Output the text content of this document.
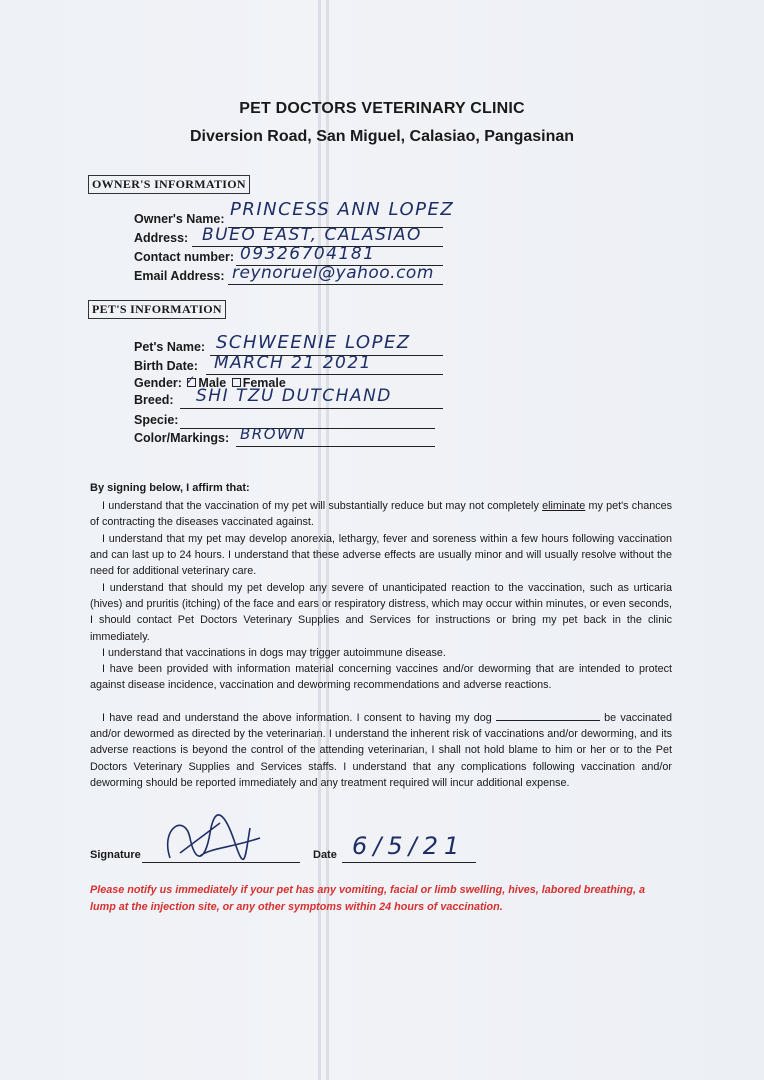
PET DOCTORS VETERINARY CLINIC
Diversion Road, San Miguel, Calasiao, Pangasinan
OWNER'S INFORMATION
Owner's Name: PRINCESS ANN LOPEZ
Address: BUEO EAST, CALASIAO
Contact number: 09326704181
Email Address: reynoruel@yahoo.com
PET'S INFORMATION
Pet's Name: SCHWEENIE LOPEZ
Birth Date: MARCH 21 2021
Gender: ✓ Male Female
Breed: SHI TZU DUTCHAND
Specie:
Color/Markings: BROWN
By signing below, I affirm that:
I understand that the vaccination of my pet will substantially reduce but may not completely eliminate my pet's chances of contracting the diseases vaccinated against.
I understand that my pet may develop anorexia, lethargy, fever and soreness within a few hours following vaccination and can last up to 24 hours. I understand that these adverse effects are usually minor and will usually resolve without the need for additional veterinary care.
I understand that should my pet develop any severe of unanticipated reaction to the vaccination, such as urticaria (hives) and pruritis (itching) of the face and ears or respiratory distress, which may occur within minutes, or even seconds, I should contact Pet Doctors Veterinary Supplies and Services for instructions or bring my pet back in the clinic immediately.
I understand that vaccinations in dogs may trigger autoimmune disease.
I have been provided with information material concerning vaccines and/or deworming that are intended to protect against disease incidence, vaccination and deworming recommendations and adverse reactions.
I have read and understand the above information. I consent to having my dog	be vaccinated and/or dewormed as directed by the veterinarian. I understand the inherent risk of vaccinations and/or deworming, and its adverse reactions is beyond the control of the attending veterinarian, I shall not hold blame to him or her or to the Pet Doctors Veterinary Supplies and Services staffs. I understand that any complications following vaccination and/or deworming should be reported immediately and any treatment required will incur additional expense.
Signature	Date 6/5/21
Please notify us immediately if your pet has any vomiting, facial or limb swelling, hives, labored breathing, a lump at the injection site, or any other symptoms within 24 hours of vaccination.
